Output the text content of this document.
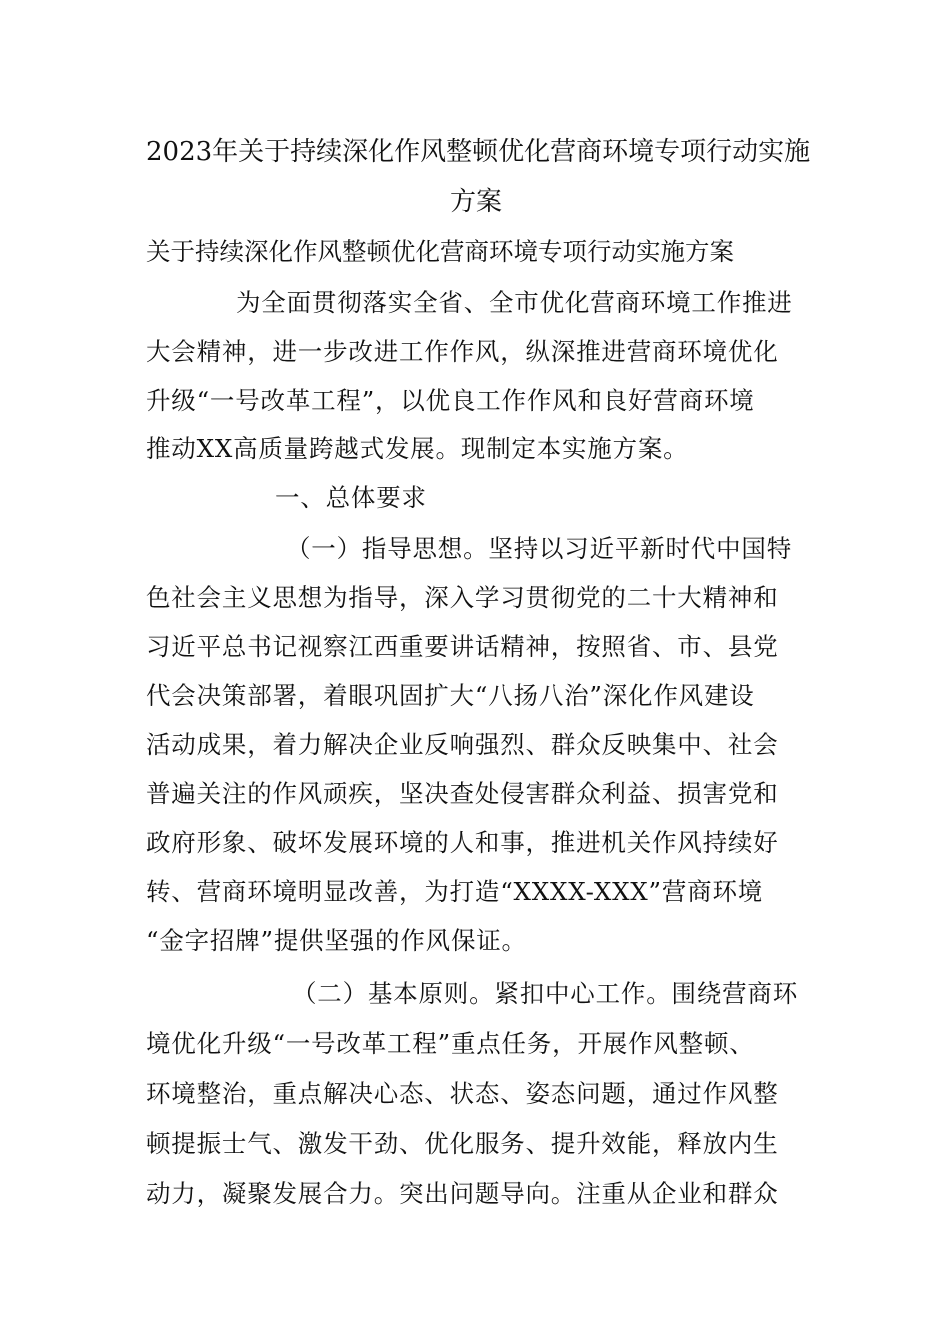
2023年关于持续深化作风整顿优化营商环境专项行动实施
方案
关于持续深化作风整顿优化营商环境专项行动实施方案
为全面贯彻落实全省、全市优化营商环境工作推进
大会精神，进一步改进工作作风，纵深推进营商环境优化
升级“一号改革工程”，以优良工作作风和良好营商环境
推动XX高质量跨越式发展。现制定本实施方案。
一、总体要求
（一）指导思想。坚持以习近平新时代中国特
色社会主义思想为指导，深入学习贯彻党的二十大精神和
习近平总书记视察江西重要讲话精神，按照省、市、县党
代会决策部署，着眼巩固扩大“八扬八治”深化作风建设
活动成果，着力解决企业反响强烈、群众反映集中、社会
普遍关注的作风顽疾，坚决查处侵害群众利益、损害党和
政府形象、破坏发展环境的人和事，推进机关作风持续好
转、营商环境明显改善，为打造“XXXX-XXX”营商环境
“金字招牌”提供坚强的作风保证。
（二）基本原则。紧扣中心工作。围绕营商环
境优化升级“一号改革工程”重点任务，开展作风整顿、
环境整治，重点解决心态、状态、姿态问题，通过作风整
顿提振士气、激发干劲、优化服务、提升效能，释放内生
动力，凝聚发展合力。突出问题导向。注重从企业和群众
